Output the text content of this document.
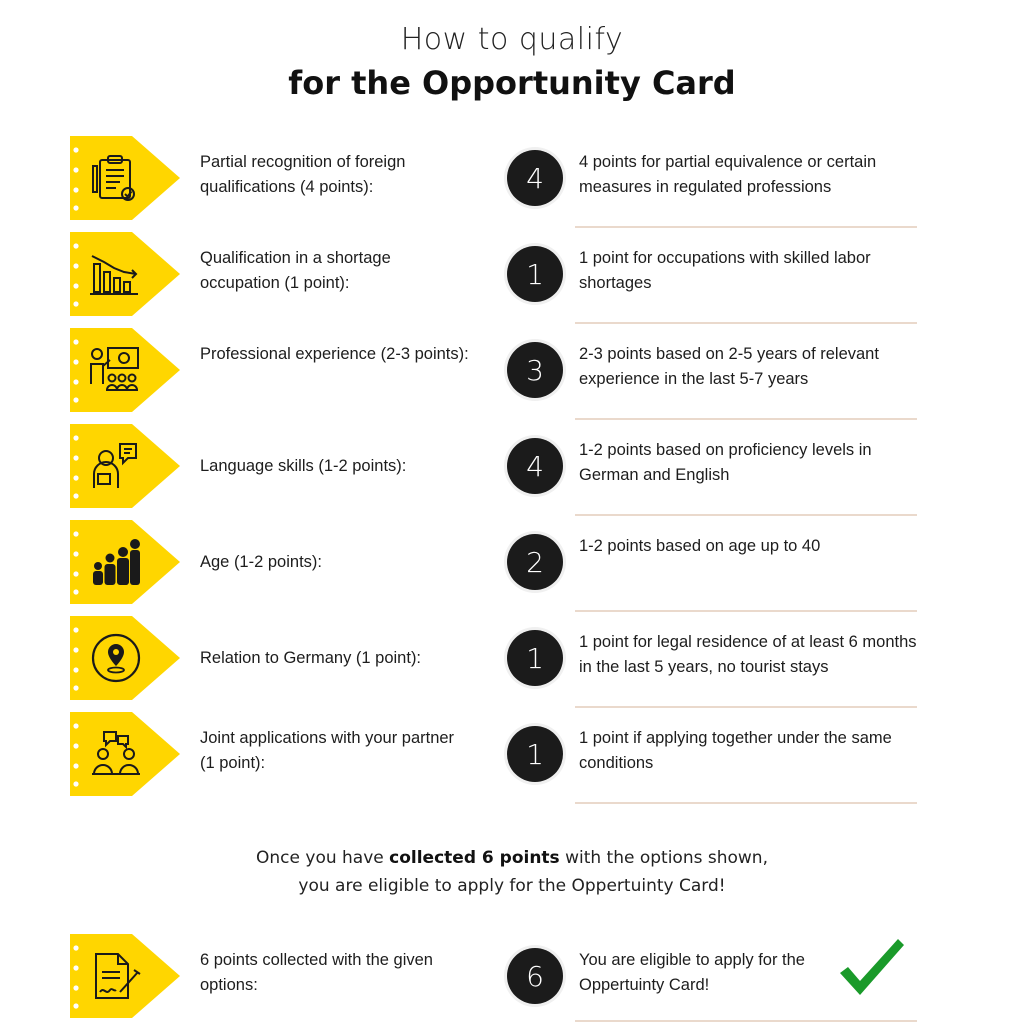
How to qualify
for the Opportunity Card
Partial recognition of foreign qualifications (4 points):	4	4 points for partial equivalence or certain measures in regulated professions
Qualification in a shortage occupation (1 point):	1	1 point for occupations with skilled labor shortages
Professional experience (2-3 points):	3	2-3 points based on 2-5 years of relevant experience in the last 5-7 years
Language skills (1-2 points):	4	1-2 points based on proficiency levels in German and English
Age (1-2 points):	2	1-2 points based on age up to 40
Relation to Germany (1 point):	1	1 point for legal residence of at least 6 months in the last 5 years, no tourist stays
Joint applications with your partner (1 point):	1	1 point if applying together under the same conditions
Once you have collected 6 points with the options shown,
you are eligible to apply for the Oppertuinty Card!
6 points collected with the given options:	6	You are eligible to apply for the Oppertuinty Card!
